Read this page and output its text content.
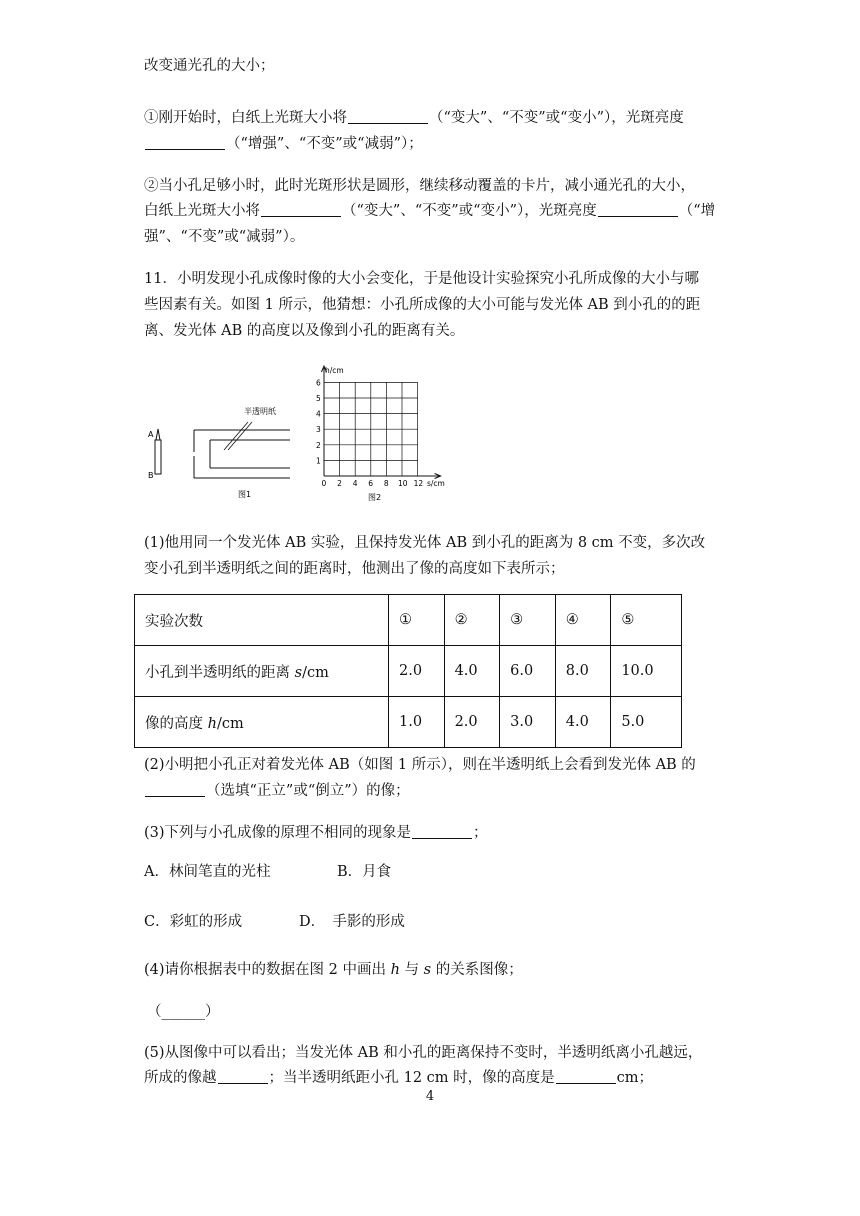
改变通光孔的大小；
①刚开始时，白纸上光斑大小将	（“变大”、“不变”或“变小”），光斑亮度
（“增强”、“不变”或“减弱”）；
②当小孔足够小时，此时光斑形状是圆形，继续移动覆盖的卡片，减小通光孔的大小，
白纸上光斑大小将	（“变大”、“不变”或“变小”），光斑亮度	（“增
强”、“不变”或“减弱”）。
11．小明发现小孔成像时像的大小会变化，于是他设计实验探究小孔所成像的大小与哪
些因素有关。如图 1 所示，他猜想：小孔所成像的大小可能与发光体 AB 到小孔的的距
离、发光体 AB 的高度以及像到小孔的距离有关。
A
B
半透明纸
图1
1
2
3
4
5
6
0 2 4 6 8 10 12
h/cm
s/cm
图2
(1)他用同一个发光体 AB 实验，且保持发光体 AB 到小孔的距离为 8 cm 不变，多次改
变小孔到半透明纸之间的距离时，他测出了像的高度如下表所示；
实验次数	①	②	③	④	⑤
小孔到半透明纸的距离 s/cm	2.0	4.0	6.0	8.0	10.0
像的高度 h/cm	1.0	2.0	3.0	4.0	5.0
(2)小明把小孔正对着发光体 AB（如图 1 所示），则在半透明纸上会看到发光体 AB 的
（选填“正立”或“倒立”）的像；
(3)下列与小孔成像的原理不相同的现象是	；
A．林间笔直的光柱	B．月食
C．彩虹的形成	D．　手影的形成
(4)请你根据表中的数据在图 2 中画出 h 与 s 的关系图像；
（______）
(5)从图像中可以看出；当发光体 AB 和小孔的距离保持不变时，半透明纸离小孔越远，
所成的像越	；当半透明纸距小孔 12 cm 时，像的高度是	cm；
4
